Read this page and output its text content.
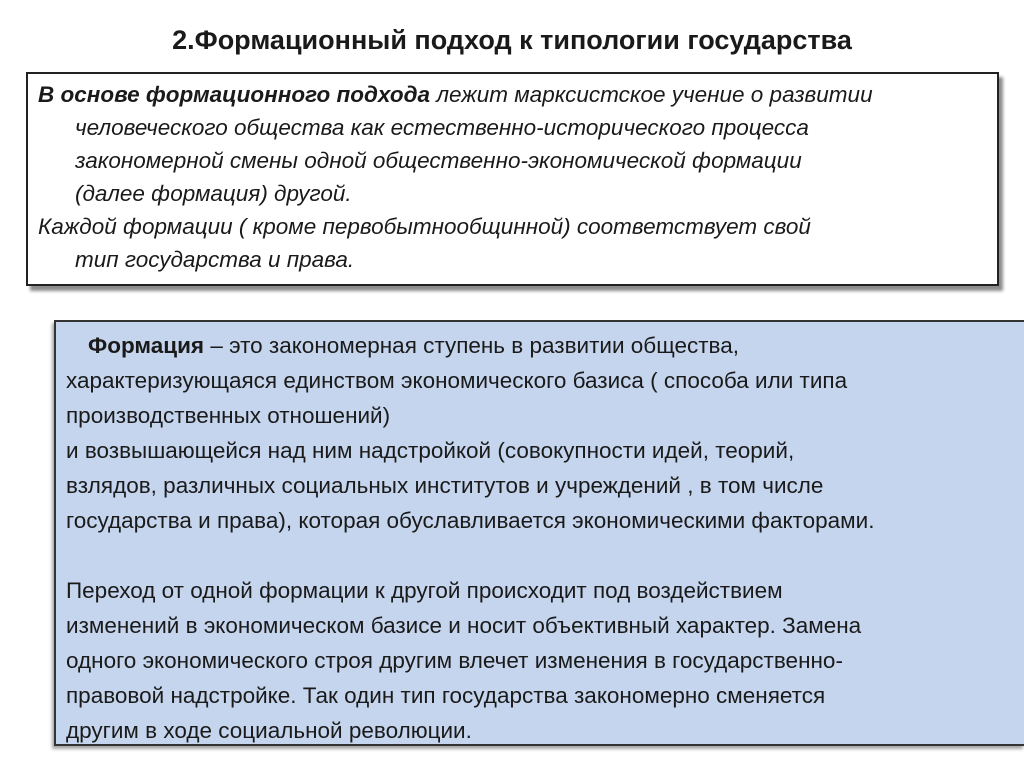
2.Формационный подход к типологии государства

В основе формационного подхода лежит марксистское учение о развитии
человеческого общества как естественно-исторического процесса
закономерной смены одной общественно-экономической формации
(далее формация) другой.

Каждой формации ( кроме первобытнообщинной) соответствует свой
тип государства и права.

Формация – это закономерная ступень в развитии общества,
характеризующаяся единством экономического базиса ( способа или типа
производственных отношений)
и возвышающейся над ним надстройкой (совокупности идей, теорий,
взлядов, различных социальных институтов и учреждений , в том числе
государства и права), которая обуславливается экономическими факторами.
Переход от одной формации к другой происходит под воздействием
изменений в экономическом базисе и носит объективный характер. Замена
одного экономического строя другим влечет изменения в государственно-
правовой надстройке. Так один тип государства закономерно сменяется
другим в ходе социальной революции.
